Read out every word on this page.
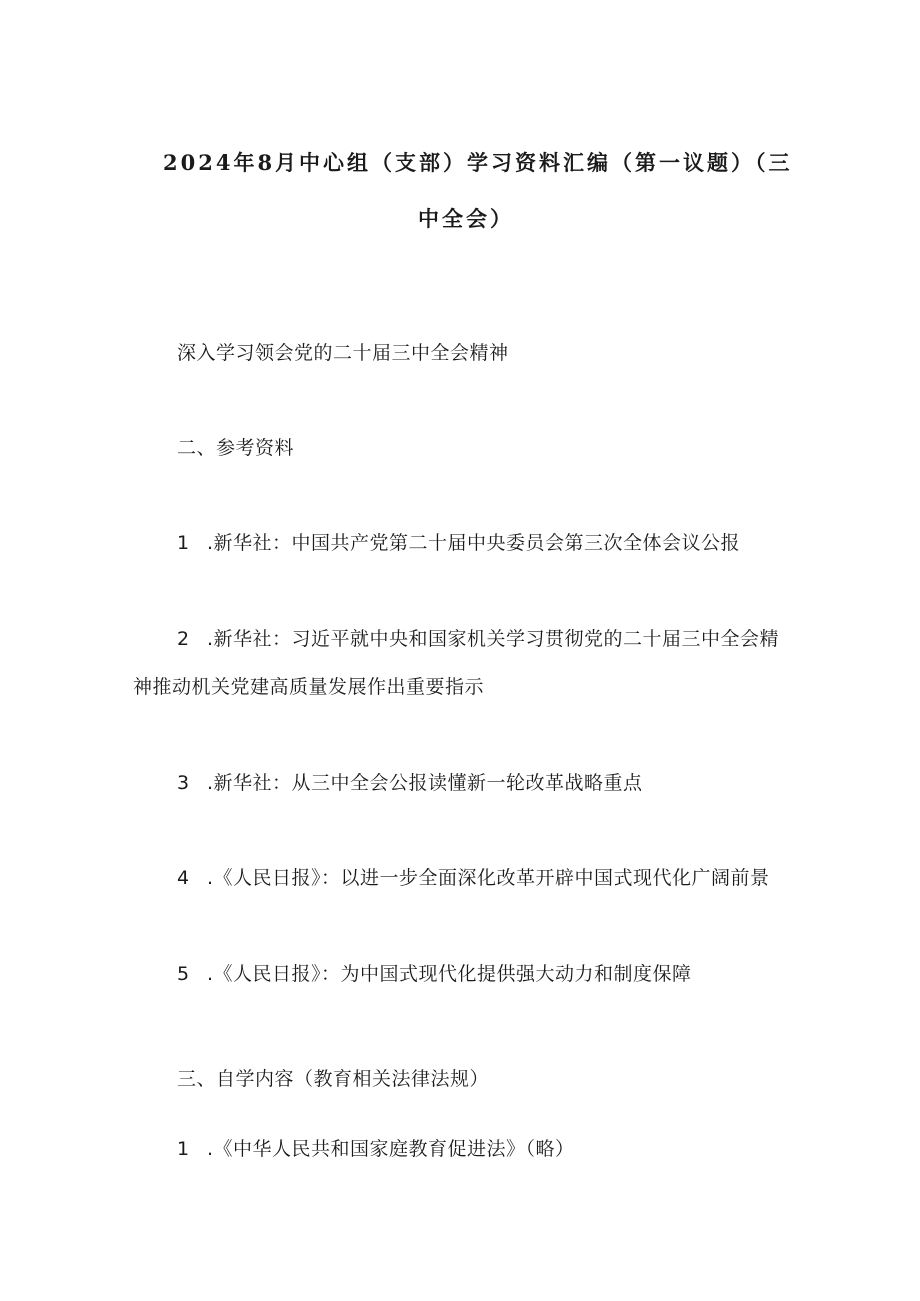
2024年8月中心组（支部）学习资料汇编（第一议题）（三
中全会）
深入学习领会党的二十届三中全会精神
二、参考资料
1 .新华社：中国共产党第二十届中央委员会第三次全体会议公报
2 .新华社：习近平就中央和国家机关学习贯彻党的二十届三中全会精
神推动机关党建高质量发展作出重要指示
3 .新华社：从三中全会公报读懂新一轮改革战略重点
4 .《人民日报》：以进一步全面深化改革开辟中国式现代化广阔前景
5 .《人民日报》：为中国式现代化提供强大动力和制度保障
三、自学内容（教育相关法律法规）
1 .《中华人民共和国家庭教育促进法》（略）
